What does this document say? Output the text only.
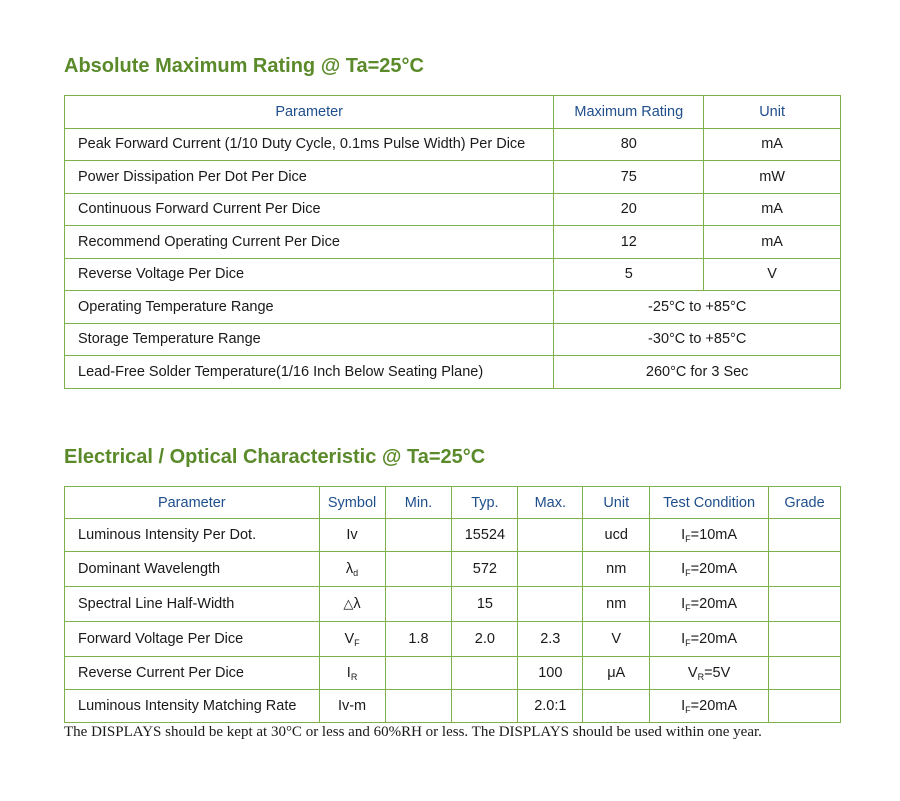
Absolute Maximum Rating @ Ta=25°C
Parameter	Maximum Rating	Unit
Peak Forward Current (1/10 Duty Cycle, 0.1ms Pulse Width) Per Dice	80	mA
Power Dissipation Per Dot Per Dice	75	mW
Continuous Forward Current Per Dice	20	mA
Recommend Operating Current Per Dice	12	mA
Reverse Voltage Per Dice	5	V
Operating Temperature Range	-25°C to +85°C	
Storage Temperature Range	-30°C to +85°C	
Lead-Free Solder Temperature(1/16 Inch Below Seating Plane)	260°C for 3 Sec	
Electrical / Optical Characteristic @ Ta=25°C
Parameter	Symbol	Min.	Typ.	Max.	Unit	Test Condition	Grade
Luminous Intensity Per Dot.	Iv		15524		ucd	$I_F=10mA$	
Dominant Wavelength	$\lambda_d$		572		nm	$I_F=20mA$	
Spectral Line Half-Width	△λ		15		nm	$I_F=20mA$	
Forward Voltage Per Dice	$V_F$	1.8	2.0	2.3	V	$I_F=20mA$	
Reverse Current Per Dice	$I_R$			100	μA	$V_R=5V$	
Luminous Intensity Matching Rate	Iv-m			2.0:1		$I_F=20mA$	

The DISPLAYS should be kept at 30°C or less and 60%RH or less. The DISPLAYS should be used within one year.
